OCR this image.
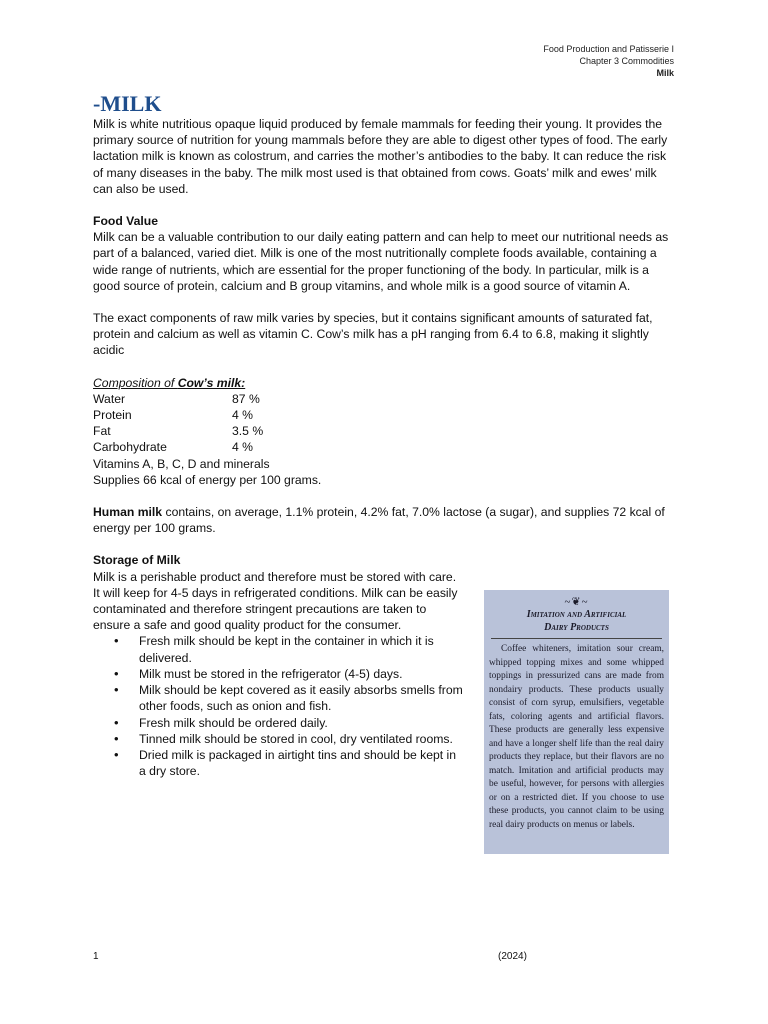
Food Production and Patisserie I
Chapter 3 Commodities
Milk
-MILK

Milk is white nutritious opaque liquid produced by female mammals for feeding their young. It provides the primary source of nutrition for young mammals before they are able to digest other types of food. The early lactation milk is known as colostrum, and carries the mother’s antibodies to the baby. It can reduce the risk of many diseases in the baby. The milk most used is that obtained from cows. Goats’ milk and ewes’ milk can also be used.

Food Value

Milk can be a valuable contribution to our daily eating pattern and can help to meet our nutritional needs as part of a balanced, varied diet. Milk is one of the most nutritionally complete foods available, containing a wide range of nutrients, which are essential for the proper functioning of the body. In particular, milk is a good source of protein, calcium and B group vitamins, and whole milk is a good source of vitamin A.

The exact components of raw milk varies by species, but it contains significant amounts of saturated fat, protein and calcium as well as vitamin C. Cow’s milk has a pH ranging from 6.4 to 6.8, making it slightly acidic

Composition of Cow’s milk:

Water	87 %
Protein	4 %
Fat	3.5 %
Carbohydrate	4 %

Vitamins A, B, C, D and minerals

Supplies 66 kcal of energy per 100 grams.

Human milk contains, on average, 1.1% protein, 4.2% fat, 7.0% lactose (a sugar), and supplies 72 kcal of energy per 100 grams.

Storage of Milk

Milk is a perishable product and therefore must be stored with care. It will keep for 4-5 days in refrigerated conditions. Milk can be easily contaminated and therefore stringent precautions are taken to ensure a safe and good quality product for the consumer.

• Fresh milk should be kept in the container in which it is delivered.
• Milk must be stored in the refrigerator (4-5) days.
• Milk should be kept covered as it easily absorbs smells from other foods, such as onion and fish.
• Fresh milk should be ordered daily.
• Tinned milk should be stored in cool, dry ventilated rooms.
• Dried milk is packaged in airtight tins and should be kept in a dry store.
~❦~
Imitation and Artificial
Dairy Products
Coffee whiteners, imitation sour cream, whipped topping mixes and some whipped toppings in pressurized cans are made from nondairy products. These products usually consist of corn syrup, emulsifiers, vegetable fats, coloring agents and artificial flavors. These products are generally less expensive and have a longer shelf life than the real dairy products they replace, but their flavors are no match. Imitation and artificial products may be useful, however, for persons with allergies or on a restricted diet. If you choose to use these products, you cannot claim to be using real dairy products on menus or labels.
1	(2024)
